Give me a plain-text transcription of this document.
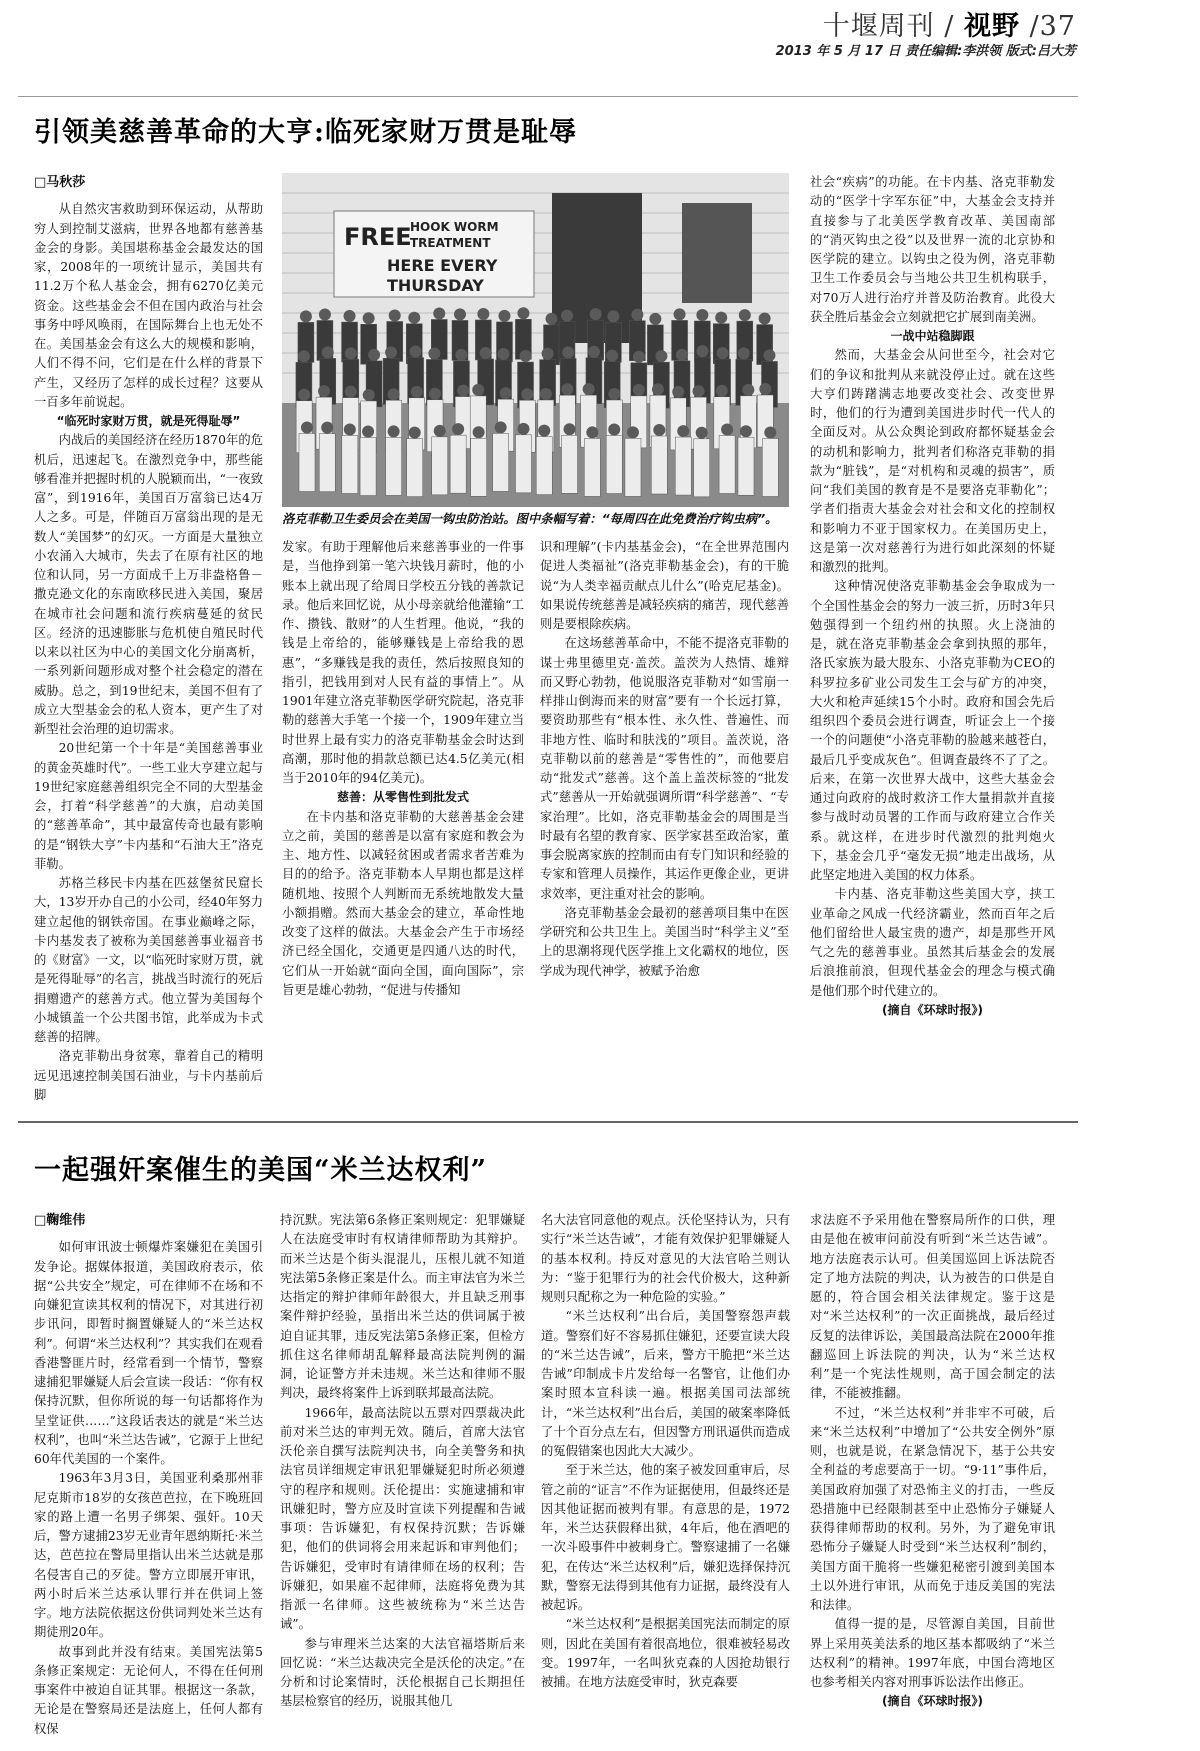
十堰周刊 / 视野 /37
2013 年 5 月 17 日 责任编辑:李洪领 版式:吕大芳
引领美慈善革命的大亨:临死家财万贯是耻辱
□马秋莎

从自然灾害救助到环保运动，从帮助穷人到控制艾滋病，世界各地都有慈善基金会的身影。美国堪称基金会最发达的国家，2008年的一项统计显示，美国共有11.2万个私人基金会，拥有6270亿美元资金。这些基金会不但在国内政治与社会事务中呼风唤雨，在国际舞台上也无处不在。美国基金会有这么大的规模和影响，人们不得不问，它们是在什么样的背景下产生，又经历了怎样的成长过程？这要从一百多年前说起。

“临死时家财万贯，就是死得耻辱”

内战后的美国经济在经历1870年的危机后，迅速起飞。在激烈竞争中，那些能够看准并把握时机的人脱颖而出，“一夜致富”，到1916年，美国百万富翁已达4万人之多。可是，伴随百万富翁出现的是无数人“美国梦”的幻灭。一方面是大量独立小农涌入大城市，失去了在原有社区的地位和认同，另一方面成千上万非盎格鲁－撒克逊文化的东南欧移民进入美国，聚居在城市社会问题和流行疾病蔓延的贫民区。经济的迅速膨胀与危机使自殖民时代以来以社区为中心的美国文化分崩离析，一系列新问题形成对整个社会稳定的潜在威胁。总之，到19世纪末，美国不但有了成立大型基金会的私人资本，更产生了对新型社会治理的迫切需求。

20世纪第一个十年是“美国慈善事业的黄金英雄时代”。一些工业大亨建立起与19世纪家庭慈善组织完全不同的大型基金会，打着“科学慈善”的大旗，启动美国的“慈善革命”，其中最富传奇也最有影响的是“钢铁大亨”卡内基和“石油大王”洛克菲勒。

苏格兰移民卡内基在匹兹堡贫民窟长大，13岁开办自己的小公司，经40年努力建立起他的钢铁帝国。在事业巅峰之际，卡内基发表了被称为美国慈善事业福音书的《财富》一文，以“临死时家财万贯，就是死得耻辱”的名言，挑战当时流行的死后捐赠遗产的慈善方式。他立誓为美国每个小城镇盖一个公共图书馆，此举成为卡式慈善的招牌。

洛克菲勒出身贫寒，靠着自己的精明远见迅速控制美国石油业，与卡内基前后脚

FREE
HOOK WORM
TREATMENT
HERE EVERY
THURSDAY
洛克菲勒卫生委员会在美国一钩虫防治站。图中条幅写着：“每周四在此免费治疗钩虫病”。

发家。有助于理解他后来慈善事业的一件事是，当他挣到第一笔六块钱月薪时，他的小账本上就出现了给周日学校五分钱的善款记录。他后来回忆说，从小母亲就给他灌输“工作、攒钱、散财”的人生哲理。他说，“我的钱是上帝给的，能够赚钱是上帝给我的恩惠”，“多赚钱是我的责任，然后按照良知的指引，把钱用到对人民有益的事情上”。从1901年建立洛克菲勒医学研究院起，洛克菲勒的慈善大手笔一个接一个，1909年建立当时世界上最有实力的洛克菲勒基金会时达到高潮，那时他的捐款总额已达4.5亿美元(相当于2010年的94亿美元)。

慈善：从零售性到批发式

在卡内基和洛克菲勒的大慈善基金会建立之前，美国的慈善是以富有家庭和教会为主、地方性、以减轻贫困或者需求者苦难为目的的给予。洛克菲勒本人早期也都是这样随机地、按照个人判断而无系统地散发大量小额捐赠。然而大基金会的建立，革命性地改变了这样的做法。大基金会产生于市场经济已经全国化，交通更是四通八达的时代，它们从一开始就“面向全国，面向国际”，宗旨更是雄心勃勃，“促进与传播知

识和理解”(卡内基基金会)，“在全世界范围内促进人类福祉”(洛克菲勒基金会)，有的干脆说“为人类幸福贡献点儿什么”(哈克尼基金)。如果说传统慈善是减轻疾病的痛苦，现代慈善则是要根除疾病。

在这场慈善革命中，不能不提洛克菲勒的谋士弗里德里克·盖茨。盖茨为人热情、雄辩而又野心勃勃，他说服洛克菲勒对“如雪崩一样排山倒海而来的财富”要有一个长远打算，要资助那些有“根本性、永久性、普遍性、而非地方性、临时和肤浅的”项目。盖茨说，洛克菲勒以前的慈善是“零售性的”，而他要启动“批发式”慈善。这个盖上盖茨标签的“批发式”慈善从一开始就强调所谓“科学慈善”、“专家治理”。比如，洛克菲勒基金会的周围是当时最有名望的教育家、医学家甚至政治家，董事会脱离家族的控制而由有专门知识和经验的专家和管理人员操作，其运作更像企业，更讲求效率，更注重对社会的影响。

洛克菲勒基金会最初的慈善项目集中在医学研究和公共卫生上。美国当时“科学主义”至上的思潮将现代医学推上文化霸权的地位，医学成为现代神学，被赋予治愈

社会“疾病”的功能。在卡内基、洛克菲勒发动的“医学十字军东征”中，大基金会支持并直接参与了北美医学教育改革、美国南部的“消灭钩虫之役”以及世界一流的北京协和医学院的建立。以钩虫之役为例，洛克菲勒卫生工作委员会与当地公共卫生机构联手，对70万人进行治疗并普及防治教育。此役大获全胜后基金会立刻就把它扩展到南美洲。

一战中站稳脚跟

然而，大基金会从问世至今，社会对它们的争议和批判从来就没停止过。就在这些大亨们踌躇满志地要改变社会、改变世界时，他们的行为遭到美国进步时代一代人的全面反对。从公众舆论到政府都怀疑基金会的动机和影响力，批判者们称洛克菲勒的捐款为“脏钱”，是“对机构和灵魂的损害”，质问“我们美国的教育是不是要洛克菲勒化”；学者们指责大基金会对社会和文化的控制权和影响力不亚于国家权力。在美国历史上，这是第一次对慈善行为进行如此深刻的怀疑和激烈的批判。

这种情况使洛克菲勒基金会争取成为一个全国性基金会的努力一波三折，历时3年只勉强得到一个纽约州的执照。火上浇油的是，就在洛克菲勒基金会拿到执照的那年，洛氏家族为最大股东、小洛克菲勒为CEO的科罗拉多矿业公司发生工会与矿方的冲突，大火和枪声延续15个小时。政府和国会先后组织四个委员会进行调查，听证会上一个接一个的问题使“小洛克菲勒的脸越来越苍白，最后几乎变成灰色”。但调查最终不了了之。后来，在第一次世界大战中，这些大基金会通过向政府的战时救济工作大量捐款并直接参与战时动员署的工作而与政府建立合作关系。就这样，在进步时代激烈的批判炮火下，基金会几乎“毫发无损”地走出战场，从此坚定地进入美国的权力体系。

卡内基、洛克菲勒这些美国大亨，挟工业革命之风成一代经济霸业，然而百年之后他们留给世人最宝贵的遗产，却是那些开风气之先的慈善事业。虽然其后基金会的发展后浪推前浪，但现代基金会的理念与模式确是他们那个时代建立的。

(摘自《环球时报》)

一起强奸案催生的美国“米兰达权利”
□鞠维伟

如何审讯波士顿爆炸案嫌犯在美国引发争论。据媒体报道，美国政府表示，依据“公共安全”规定，可在律师不在场和不向嫌犯宣读其权利的情况下，对其进行初步讯问，即暂时搁置嫌疑人的“米兰达权利”。何谓“米兰达权利”？其实我们在观看香港警匪片时，经常看到一个情节，警察逮捕犯罪嫌疑人后会宣读一段话：“你有权保持沉默，但你所说的每一句话都将作为呈堂证供……”这段话表达的就是“米兰达权利”，也叫“米兰达告诫”，它源于上世纪60年代美国的一个案件。

1963年3月3日，美国亚利桑那州菲尼克斯市18岁的女孩芭芭拉，在下晚班回家的路上遭一名男子绑架、强奸。10天后，警方逮捕23岁无业青年恩纳斯托·米兰达，芭芭拉在警局里指认出米兰达就是那名侵害自己的歹徒。警方立即展开审讯，两小时后米兰达承认罪行并在供词上签字。地方法院依据这份供词判处米兰达有期徒刑20年。

故事到此并没有结束。美国宪法第5条修正案规定：无论何人，不得在任何刑事案件中被迫自证其罪。根据这一条款，无论是在警察局还是法庭上，任何人都有权保

持沉默。宪法第6条修正案则规定：犯罪嫌疑人在法庭受审时有权请律师帮助为其辩护。而米兰达是个街头混混儿，压根儿就不知道宪法第5条修正案是什么。而主审法官为米兰达指定的辩护律师年龄很大，并且缺乏刑事案件辩护经验，虽指出米兰达的供词属于被迫自证其罪，违反宪法第5条修正案，但检方抓住这名律师胡乱解释最高法院判例的漏洞，论证警方并未违规。米兰达和律师不服判决，最终将案件上诉到联邦最高法院。

1966年，最高法院以五票对四票裁决此前对米兰达的审判无效。随后，首席大法官沃伦亲自撰写法院判决书，向全美警务和执法官员详细规定审讯犯罪嫌疑犯时所必须遵守的程序和规则。沃伦提出：实施逮捕和审讯嫌犯时，警方应及时宣读下列提醒和告诫事项：告诉嫌犯，有权保持沉默；告诉嫌犯，他们的供词将会用来起诉和审判他们；告诉嫌犯，受审时有请律师在场的权利；告诉嫌犯，如果雇不起律师，法庭将免费为其指派一名律师。这些被统称为“米兰达告诫”。

参与审理米兰达案的大法官福塔斯后来回忆说：“米兰达裁决完全是沃伦的决定。”在分析和讨论案情时，沃伦根据自己长期担任基层检察官的经历，说服其他几

名大法官同意他的观点。沃伦坚持认为，只有实行“米兰达告诫”，才能有效保护犯罪嫌疑人的基本权利。持反对意见的大法官哈兰则认为：“鉴于犯罪行为的社会代价极大，这种新规则只配称之为一种危险的实验。”

“米兰达权利”出台后，美国警察怨声载道。警察们好不容易抓住嫌犯，还要宣读大段的“米兰达告诫”，后来，警方干脆把“米兰达告诫”印制成卡片发给每一名警官，让他们办案时照本宣科读一遍。根据美国司法部统计，“米兰达权利”出台后，美国的破案率降低了十个百分点左右，但因警方刑讯逼供而造成的冤假错案也因此大大减少。

至于米兰达，他的案子被发回重审后，尽管之前的“证言”不作为证据使用，但最终还是因其他证据而被判有罪。有意思的是，1972年，米兰达获假释出狱，4年后，他在酒吧的一次斗殴事件中被刺身亡。警察逮捕了一名嫌犯，在传达“米兰达权利”后，嫌犯选择保持沉默，警察无法得到其他有力证据，最终没有人被起诉。

“米兰达权利”是根据美国宪法而制定的原则，因此在美国有着很高地位，很难被轻易改变。1997年，一名叫狄克森的人因抢劫银行被捕。在地方法庭受审时，狄克森要

求法庭不予采用他在警察局所作的口供，理由是他在被审问前没有听到“米兰达告诫”。地方法庭表示认可。但美国巡回上诉法院否定了地方法院的判决，认为被告的口供是自愿的，符合国会相关法律规定。鉴于这是对“米兰达权利”的一次正面挑战，最后经过反复的法律诉讼，美国最高法院在2000年推翻巡回上诉法院的判决，认为“米兰达权利”是一个宪法性规则，高于国会制定的法律，不能被推翻。

不过，“米兰达权利”并非牢不可破，后来“米兰达权利”中增加了“公共安全例外”原则，也就是说，在紧急情况下，基于公共安全利益的考虑要高于一切。“9·11”事件后，美国政府加强了对恐怖主义的打击，一些反恐措施中已经限制甚至中止恐怖分子嫌疑人获得律师帮助的权利。另外，为了避免审讯恐怖分子嫌疑人时受到“米兰达权利”制约，美国方面干脆将一些嫌犯秘密引渡到美国本土以外进行审讯，从而免于违反美国的宪法和法律。

值得一提的是，尽管源自美国，目前世界上采用英美法系的地区基本都吸纳了“米兰达权利”的精神。1997年底，中国台湾地区也参考相关内容对刑事诉讼法作出修正。

(摘自《环球时报》)
